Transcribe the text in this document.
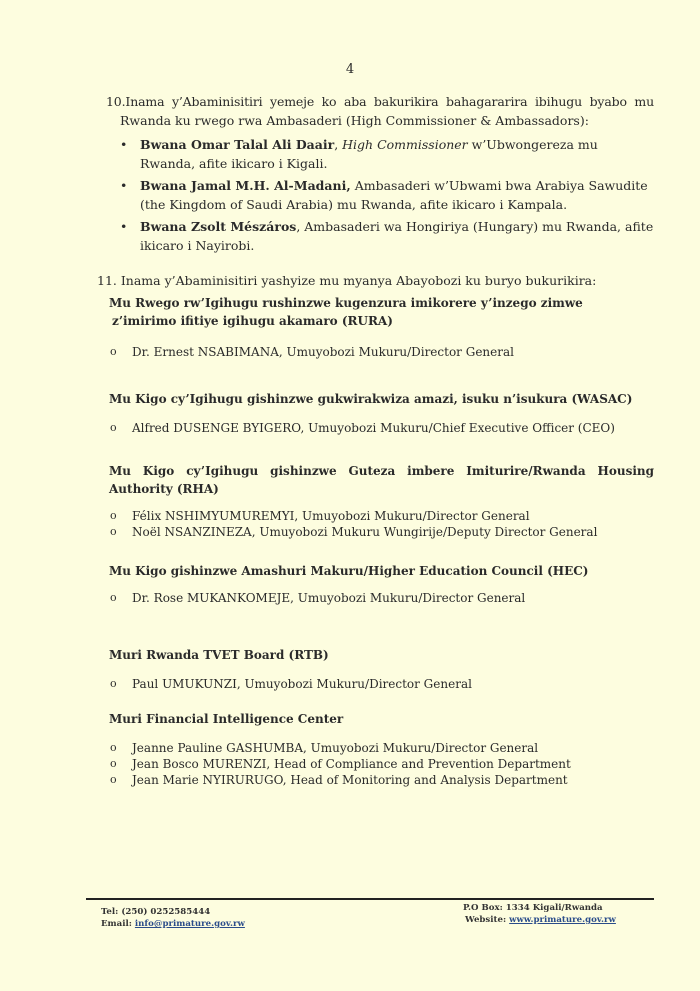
4
10.Inama y’Abaminisitiri yemeje ko aba bakurikira bahagararira ibihugu byabo mu
Rwanda ku rwego rwa Ambasaderi (High Commissioner & Ambassadors):
• Bwana Omar Talal Ali Daair, High Commissioner w’Ubwongereza mu Rwanda, afite ikicaro i Kigali.
• Bwana Jamal M.H. Al-Madani, Ambasaderi w’Ubwami bwa Arabiya Sawudite (the Kingdom of Saudi Arabia) mu Rwanda, afite ikicaro i Kampala.
• Bwana Zsolt Mészáros, Ambasaderi wa Hongiriya (Hungary) mu Rwanda, afite ikicaro i Nayirobi.
11. Inama y’Abaminisitiri yashyize mu myanya Abayobozi ku buryo bukurikira:
Mu Rwego rw’Igihugu rushinzwe kugenzura imikorere y’inzego zimwe
z’imirimo ifitiye igihugu akamaro (RURA)
o	Dr. Ernest NSABIMANA, Umuyobozi Mukuru/Director General
Mu Kigo cy’Igihugu gishinzwe gukwirakwiza amazi, isuku n’isukura (WASAC)
o	Alfred DUSENGE BYIGERO, Umuyobozi Mukuru/Chief Executive Officer (CEO)
Mu Kigo cy’Igihugu gishinzwe Guteza imbere Imiturire/Rwanda Housing Authority (RHA)
o	Félix NSHIMYUMUREMYI, Umuyobozi Mukuru/Director General
o	Noël NSANZINEZA, Umuyobozi Mukuru Wungirije/Deputy Director General
Mu Kigo gishinzwe Amashuri Makuru/Higher Education Council (HEC)
o	Dr. Rose MUKANKOMEJE, Umuyobozi Mukuru/Director General
Muri Rwanda TVET Board (RTB)
o	Paul UMUKUNZI, Umuyobozi Mukuru/Director General
Muri Financial Intelligence Center
o	Jeanne Pauline GASHUMBA, Umuyobozi Mukuru/Director General
o	Jean Bosco MURENZI, Head of Compliance and Prevention Department
o	Jean Marie NYIRURUGO, Head of Monitoring and Analysis Department
Tel: (250) 0252585444
Email: info@primature.gov.rw
P.O Box: 1334 Kigali/Rwanda
Website: www.primature.gov.rw
